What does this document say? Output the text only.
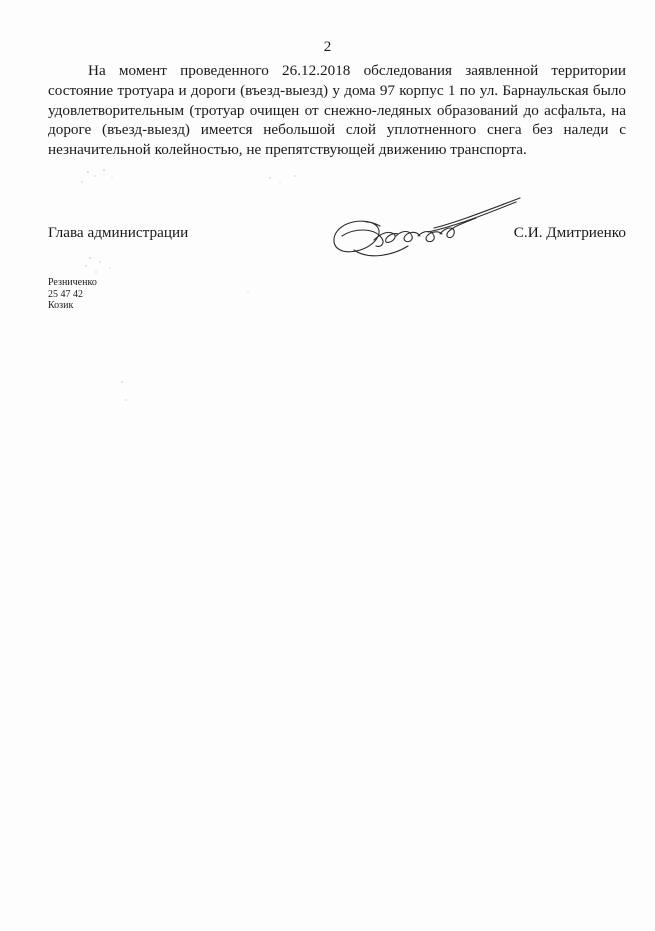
2

На момент проведенного 26.12.2018 обследования заявленной территории состояние тротуара и дороги (въезд-выезд) у дома 97 корпус 1 по ул. Барнаульская было удовлетворительным (тротуар очищен от снежно-ледяных образований до асфальта, на дороге (въезд-выезд) имеется небольшой слой уплотненного снега без наледи с незначительной колейностью, не препятствующей движению транспорта.

Глава администрации	С.И. Дмитриенко
Резниченко
25 47 42
Козик
